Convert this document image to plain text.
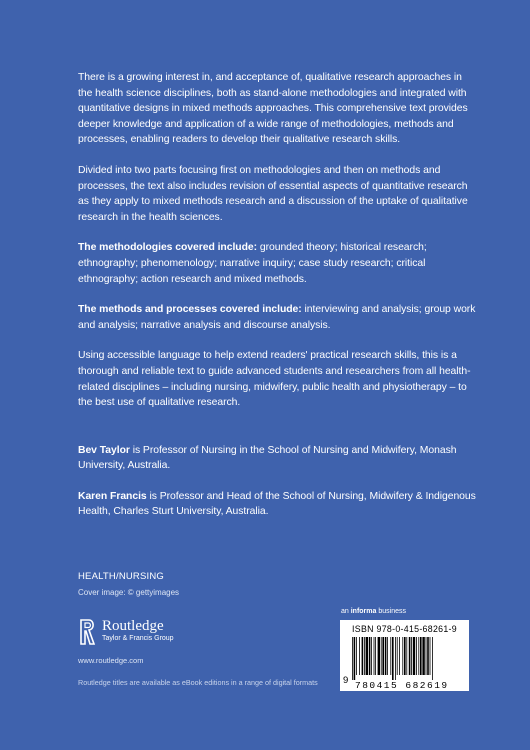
There is a growing interest in, and acceptance of, qualitative research approaches in the health science disciplines, both as stand-alone methodologies and integrated with quantitative designs in mixed methods approaches. This comprehensive text provides deeper knowledge and application of a wide range of methodologies, methods and processes, enabling readers to develop their qualitative research skills.

Divided into two parts focusing first on methodologies and then on methods and processes, the text also includes revision of essential aspects of quantitative research as they apply to mixed methods research and a discussion of the uptake of qualitative research in the health sciences.

The methodologies covered include: grounded theory; historical research; ethnography; phenomenology; narrative inquiry; case study research; critical ethnography; action research and mixed methods.

The methods and processes covered include: interviewing and analysis; group work and analysis; narrative analysis and discourse analysis.

Using accessible language to help extend readers' practical research skills, this is a thorough and reliable text to guide advanced students and researchers from all health-related disciplines – including nursing, midwifery, public health and physiotherapy – to the best use of qualitative research.

Bev Taylor is Professor of Nursing in the School of Nursing and Midwifery, Monash University, Australia.

Karen Francis is Professor and Head of the School of Nursing, Midwifery & Indigenous Health, Charles Sturt University, Australia.

HEALTH/NURSING
Cover image: © gettyimages
Routledge
Taylor & Francis Group
www.routledge.com
Routledge titles are available as eBook editions in a range of digital formats
an informa business
ISBN 978-0-415-68261-9
9 780415 682619
